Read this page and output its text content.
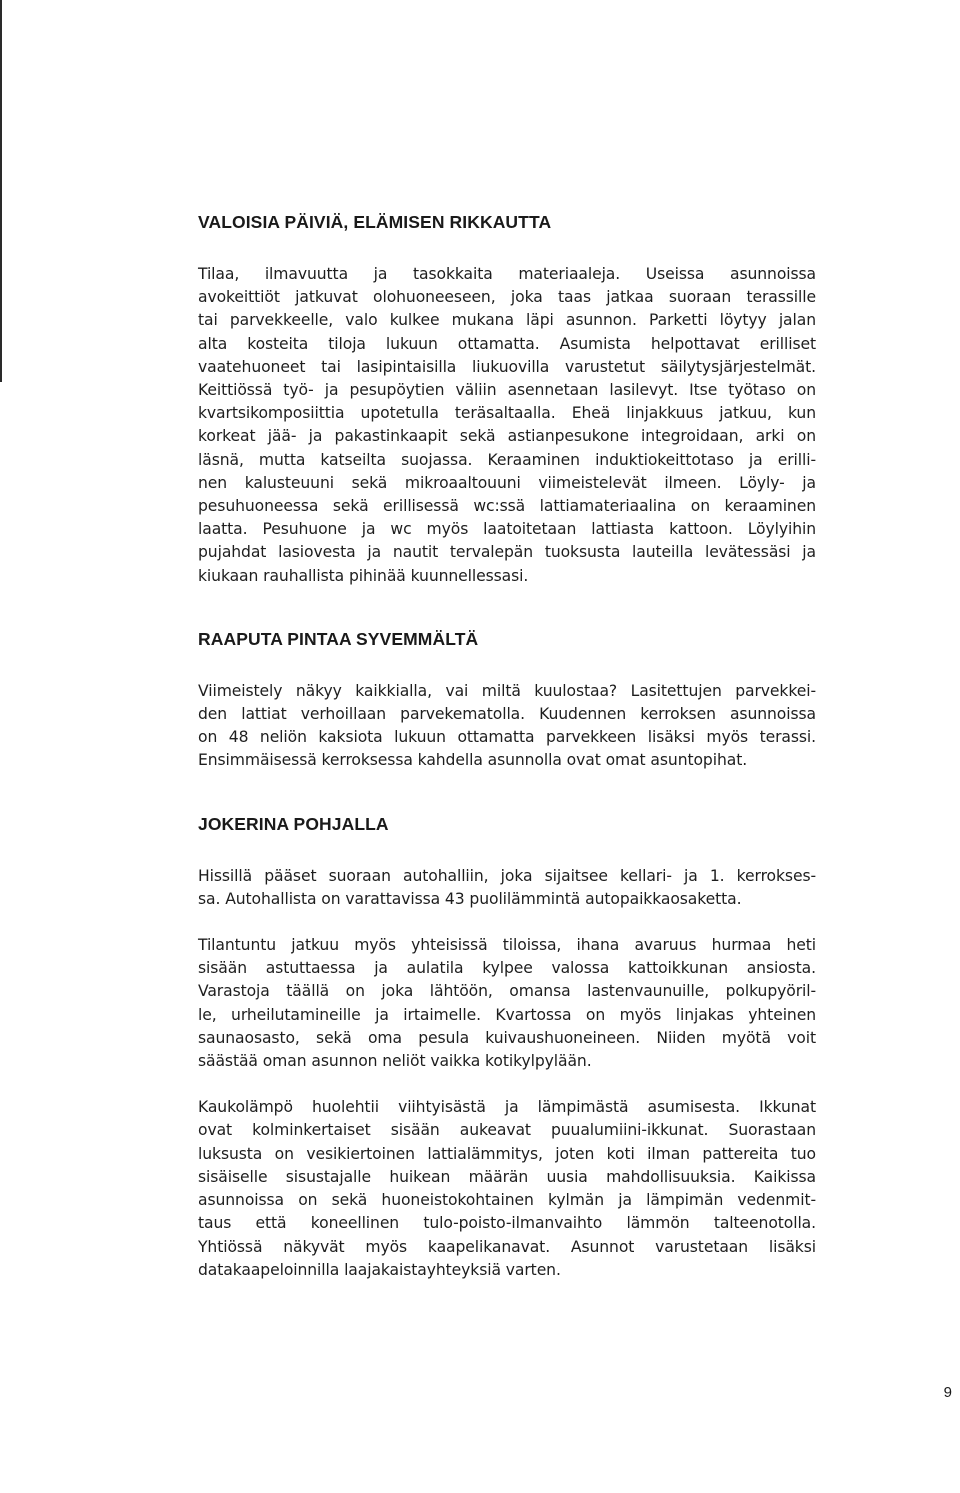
VALOISIA PÄIVIÄ, ELÄMISEN RIKKAUTTA

Tilaa, ilmavuutta ja tasokkaita materiaaleja. Useissa asunnoissa
avokeittiöt jatkuvat olohuoneeseen, joka taas jatkaa suoraan terassille
tai parvekkeelle, valo kulkee mukana läpi asunnon. Parketti löytyy jalan
alta kosteita tiloja lukuun ottamatta. Asumista helpottavat erilliset
vaatehuoneet tai lasipintaisilla liukuovilla varustetut säilytysjärjestelmät.
Keittiössä työ- ja pesupöytien väliin asennetaan lasilevyt. Itse työtaso on
kvartsikomposiittia upotetulla teräsaltaalla. Eheä linjakkuus jatkuu, kun
korkeat jää- ja pakastinkaapit sekä astianpesukone integroidaan, arki on
läsnä, mutta katseilta suojassa. Keraaminen induktiokeittotaso ja erilli-
nen kalusteuuni sekä mikroaaltouuni viimeistelevät ilmeen. Löyly- ja
pesuhuoneessa sekä erillisessä wc:ssä lattiamateriaalina on keraaminen
laatta. Pesuhuone ja wc myös laatoitetaan lattiasta kattoon. Löylyihin
pujahdat lasiovesta ja nautit tervalepän tuoksusta lauteilla levätessäsi ja
kiukaan rauhallista pihinää kuunnellessasi.

RAAPUTA PINTAA SYVEMMÄLTÄ

Viimeistely näkyy kaikkialla, vai miltä kuulostaa? Lasitettujen parvekkei-
den lattiat verhoillaan parvekematolla. Kuudennen kerroksen asunnoissa
on 48 neliön kaksiota lukuun ottamatta parvekkeen lisäksi myös terassi.
Ensimmäisessä kerroksessa kahdella asunnolla ovat omat asuntopihat.

JOKERINA POHJALLA

Hissillä pääset suoraan autohalliin, joka sijaitsee kellari- ja 1. kerrokses-
sa. Autohallista on varattavissa 43 puolilämmintä autopaikkaosaketta.

Tilantuntu jatkuu myös yhteisissä tiloissa, ihana avaruus hurmaa heti
sisään astuttaessa ja aulatila kylpee valossa kattoikkunan ansiosta.
Varastoja täällä on joka lähtöön, omansa lastenvaunuille, polkupyöril-
le, urheilutamineille ja irtaimelle. Kvartossa on myös linjakas yhteinen
saunaosasto, sekä oma pesula kuivaushuoneineen. Niiden myötä voit
säästää oman asunnon neliöt vaikka kotikylpylään.

Kaukolämpö huolehtii viihtyisästä ja lämpimästä asumisesta. Ikkunat
ovat kolminkertaiset sisään aukeavat puualumiini-ikkunat. Suorastaan
luksusta on vesikiertoinen lattialämmitys, joten koti ilman pattereita tuo
sisäiselle sisustajalle huikean määrän uusia mahdollisuuksia. Kaikissa
asunnoissa on sekä huoneistokohtainen kylmän ja lämpimän vedenmit-
taus että koneellinen tulo-poisto-ilmanvaihto lämmön talteenotolla.
Yhtiössä näkyvät myös kaapelikanavat. Asunnot varustetaan lisäksi
datakaapeloinnilla laajakaistayhteyksiä varten.

9
